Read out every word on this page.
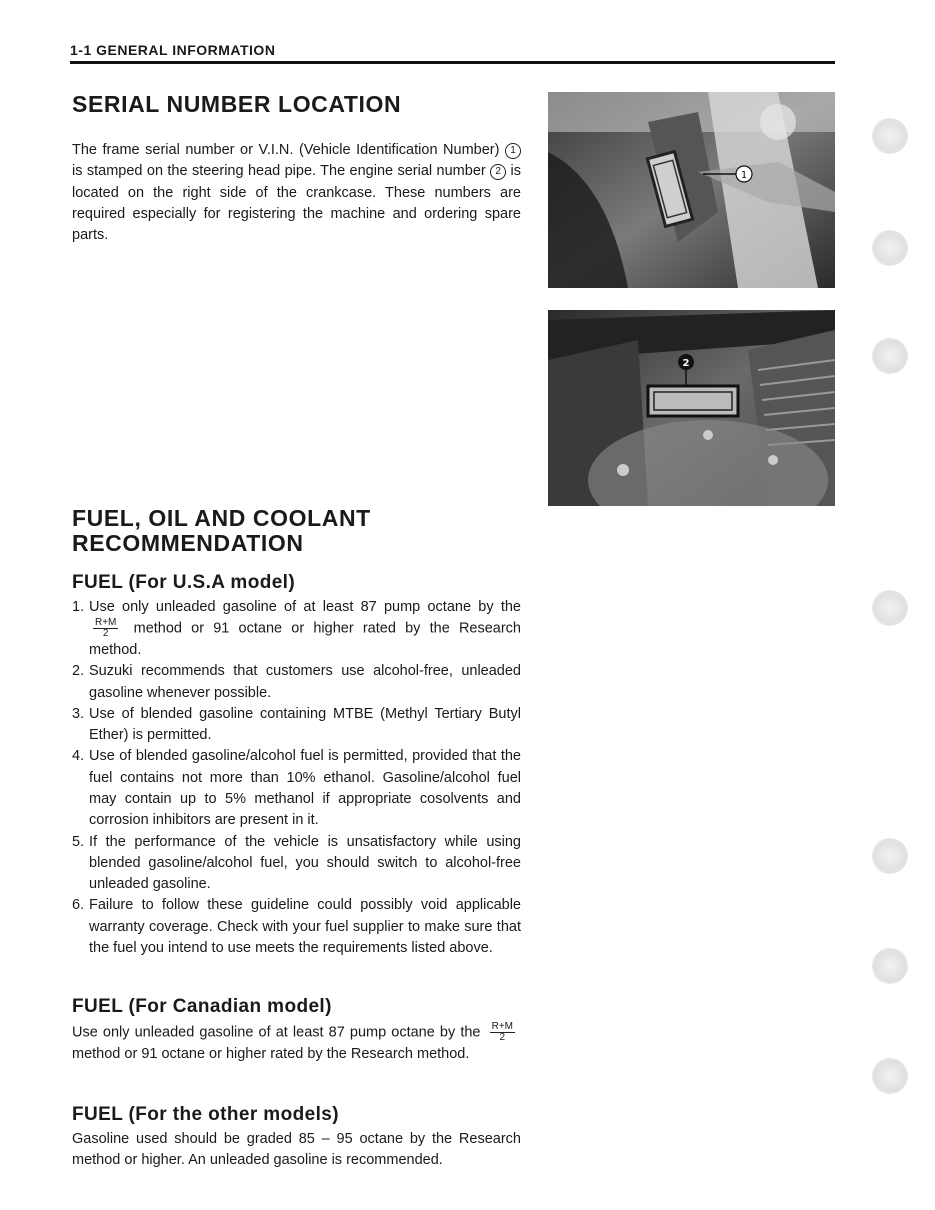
1-1 GENERAL INFORMATION
SERIAL NUMBER LOCATION
The frame serial number or V.I.N. (Vehicle Identification Number) 1 is stamped on the steering head pipe. The engine serial number 2 is located on the right side of the crankcase. These numbers are required especially for registering the machine and ordering spare parts.
1
2
FUEL, OIL AND COOLANT
RECOMMENDATION
FUEL (For U.S.A model)
1. Use only unleaded gasoline of at least 87 pump octane by the
$\frac{R+M}{2}$ method or 91 octane or higher rated by the Research method.
2. Suzuki recommends that customers use alcohol-free, unleaded gasoline whenever possible.
3. Use of blended gasoline containing MTBE (Methyl Tertiary Butyl Ether) is permitted.
4. Use of blended gasoline/alcohol fuel is permitted, provided that the fuel contains not more than 10% ethanol. Gasoline/alcohol fuel may contain up to 5% methanol if appropriate cosolvents and corrosion inhibitors are present in it.
5. If the performance of the vehicle is unsatisfactory while using blended gasoline/alcohol fuel, you should switch to alcohol-free unleaded gasoline.
6. Failure to follow these guideline could possibly void applicable warranty coverage. Check with your fuel supplier to make sure that the fuel you intend to use meets the requirements listed above.
FUEL (For Canadian model)
Use only unleaded gasoline of at least 87 pump octane by the $\frac{R+M}{2}$
method or 91 octane or higher rated by the Research method.
FUEL (For the other models)
Gasoline used should be graded 85 – 95 octane by the Research method or higher. An unleaded gasoline is recommended.
